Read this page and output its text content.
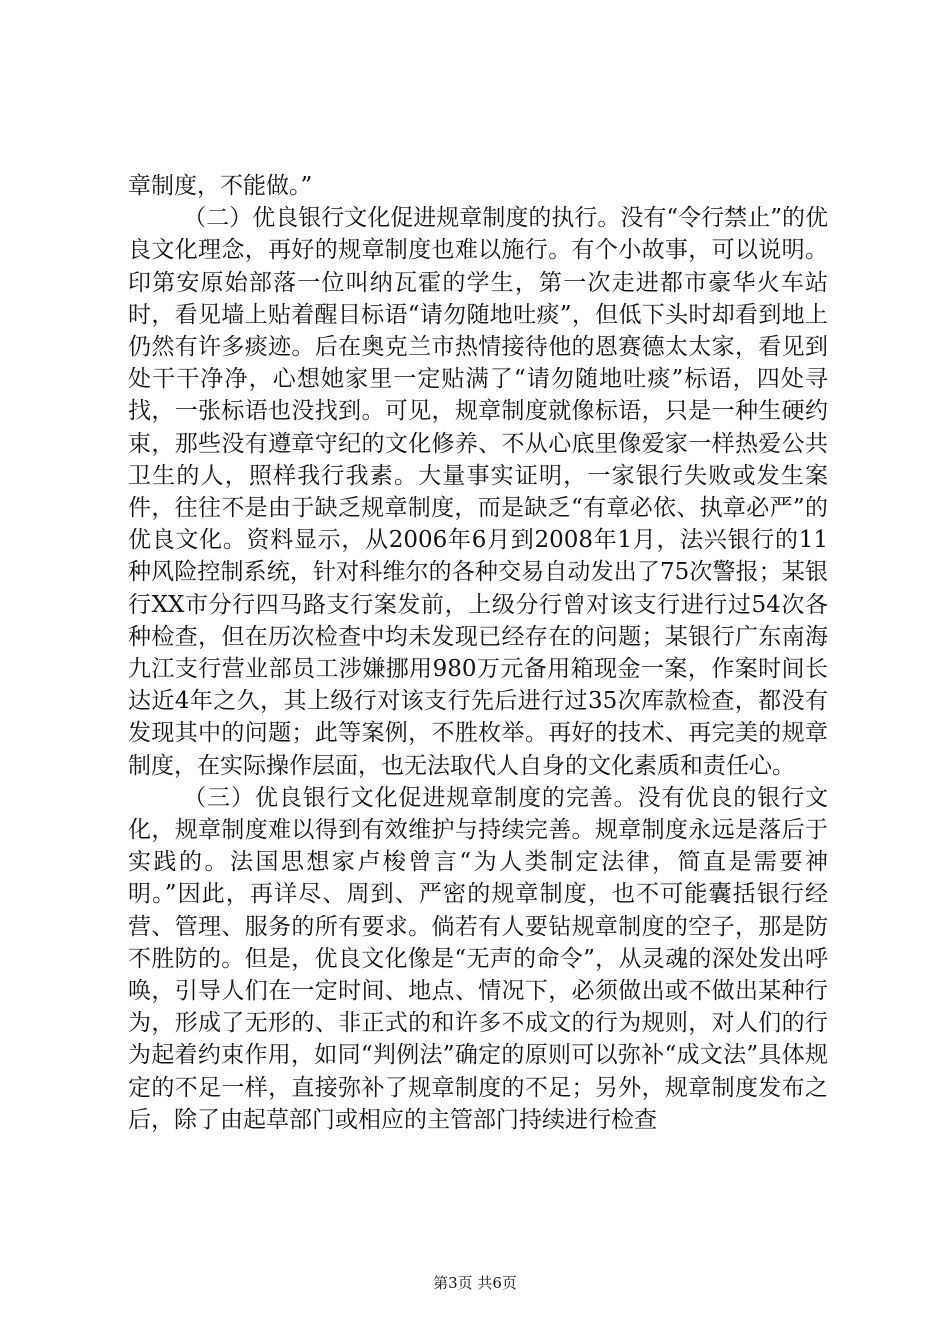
章制度，不能做。”

（二）优良银行文化促进规章制度的执行。没有“令行禁止”的优良文化理念，再好的规章制度也难以施行。有个小故事，可以说明。印第安原始部落一位叫纳瓦霍的学生，第一次走进都市豪华火车站时，看见墙上贴着醒目标语“请勿随地吐痰”，但低下头时却看到地上仍然有许多痰迹。后在奥克兰市热情接待他的恩赛德太太家，看见到处干干净净，心想她家里一定贴满了“请勿随地吐痰”标语，四处寻找，一张标语也没找到。可见，规章制度就像标语，只是一种生硬约束，那些没有遵章守纪的文化修养、不从心底里像爱家一样热爱公共卫生的人，照样我行我素。大量事实证明，一家银行失败或发生案件，往往不是由于缺乏规章制度，而是缺乏“有章必依、执章必严”的优良文化。资料显示，从2006年6月到2008年1月，法兴银行的11种风险控制系统，针对科维尔的各种交易自动发出了75次警报；某银行XX市分行四马路支行案发前，上级分行曾对该支行进行过54次各种检查，但在历次检查中均未发现已经存在的问题；某银行广东南海九江支行营业部员工涉嫌挪用980万元备用箱现金一案，作案时间长达近4年之久，其上级行对该支行先后进行过35次库款检查，都没有发现其中的问题；此等案例，不胜枚举。再好的技术、再完美的规章制度，在实际操作层面，也无法取代人自身的文化素质和责任心。

（三）优良银行文化促进规章制度的完善。没有优良的银行文化，规章制度难以得到有效维护与持续完善。规章制度永远是落后于实践的。法国思想家卢梭曾言“为人类制定法律，简直是需要神明。”因此，再详尽、周到、严密的规章制度，也不可能囊括银行经营、管理、服务的所有要求。倘若有人要钻规章制度的空子，那是防不胜防的。但是，优良文化像是“无声的命令”，从灵魂的深处发出呼唤，引导人们在一定时间、地点、情况下，必须做出或不做出某种行为，形成了无形的、非正式的和许多不成文的行为规则，对人们的行为起着约束作用，如同“判例法”确定的原则可以弥补“成文法”具体规定的不足一样，直接弥补了规章制度的不足；另外，规章制度发布之后，除了由起草部门或相应的主管部门持续进行检查

第3页 共6页
